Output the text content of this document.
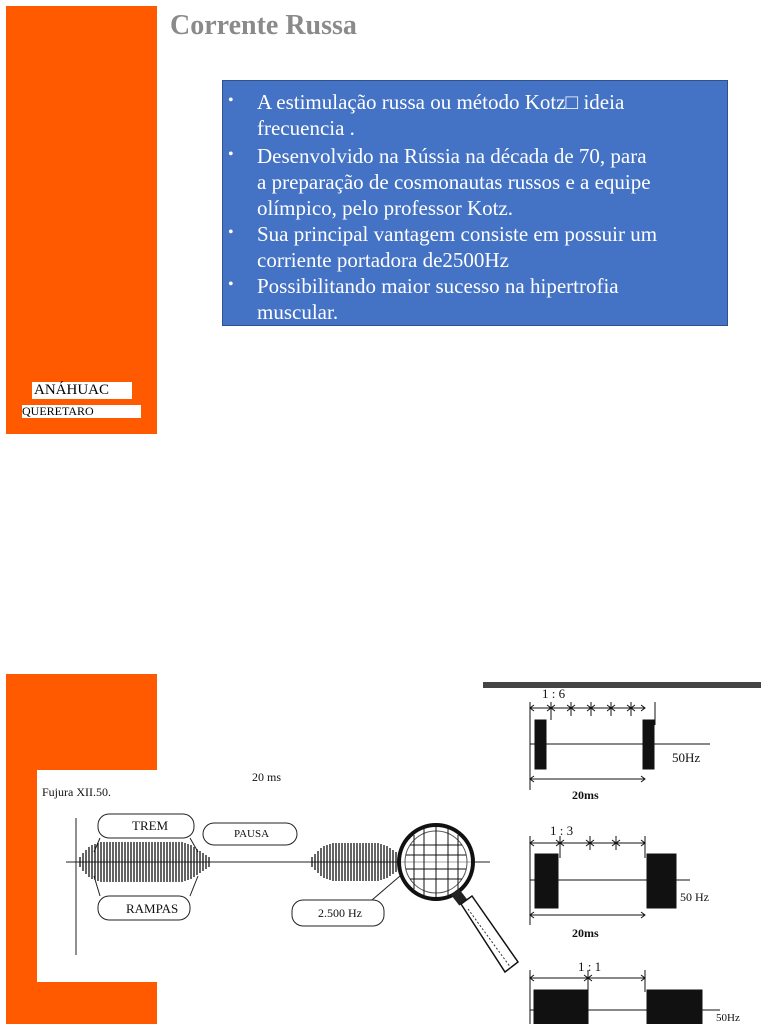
Corrente Russa
• A estimulação russa ou método Kotz□ ideia
frecuencia .
• Desenvolvido na Rússia na década de 70, para
a preparação de cosmonautas russos e a equipe
olímpico, pelo professor Kotz.
• Sua principal vantagem consiste em possuir um
corriente portadora de2500Hz
• Possibilitando maior sucesso na hipertrofia
muscular.
ANÁHUAC
QUERETARO
Fujura XII.50.
20 ms
TREM
PAUSA
RAMPAS	2.500 Hz
1 : 6
50Hz
20ms
1 : 3
50 Hz
20ms
1 : 1
50Hz
